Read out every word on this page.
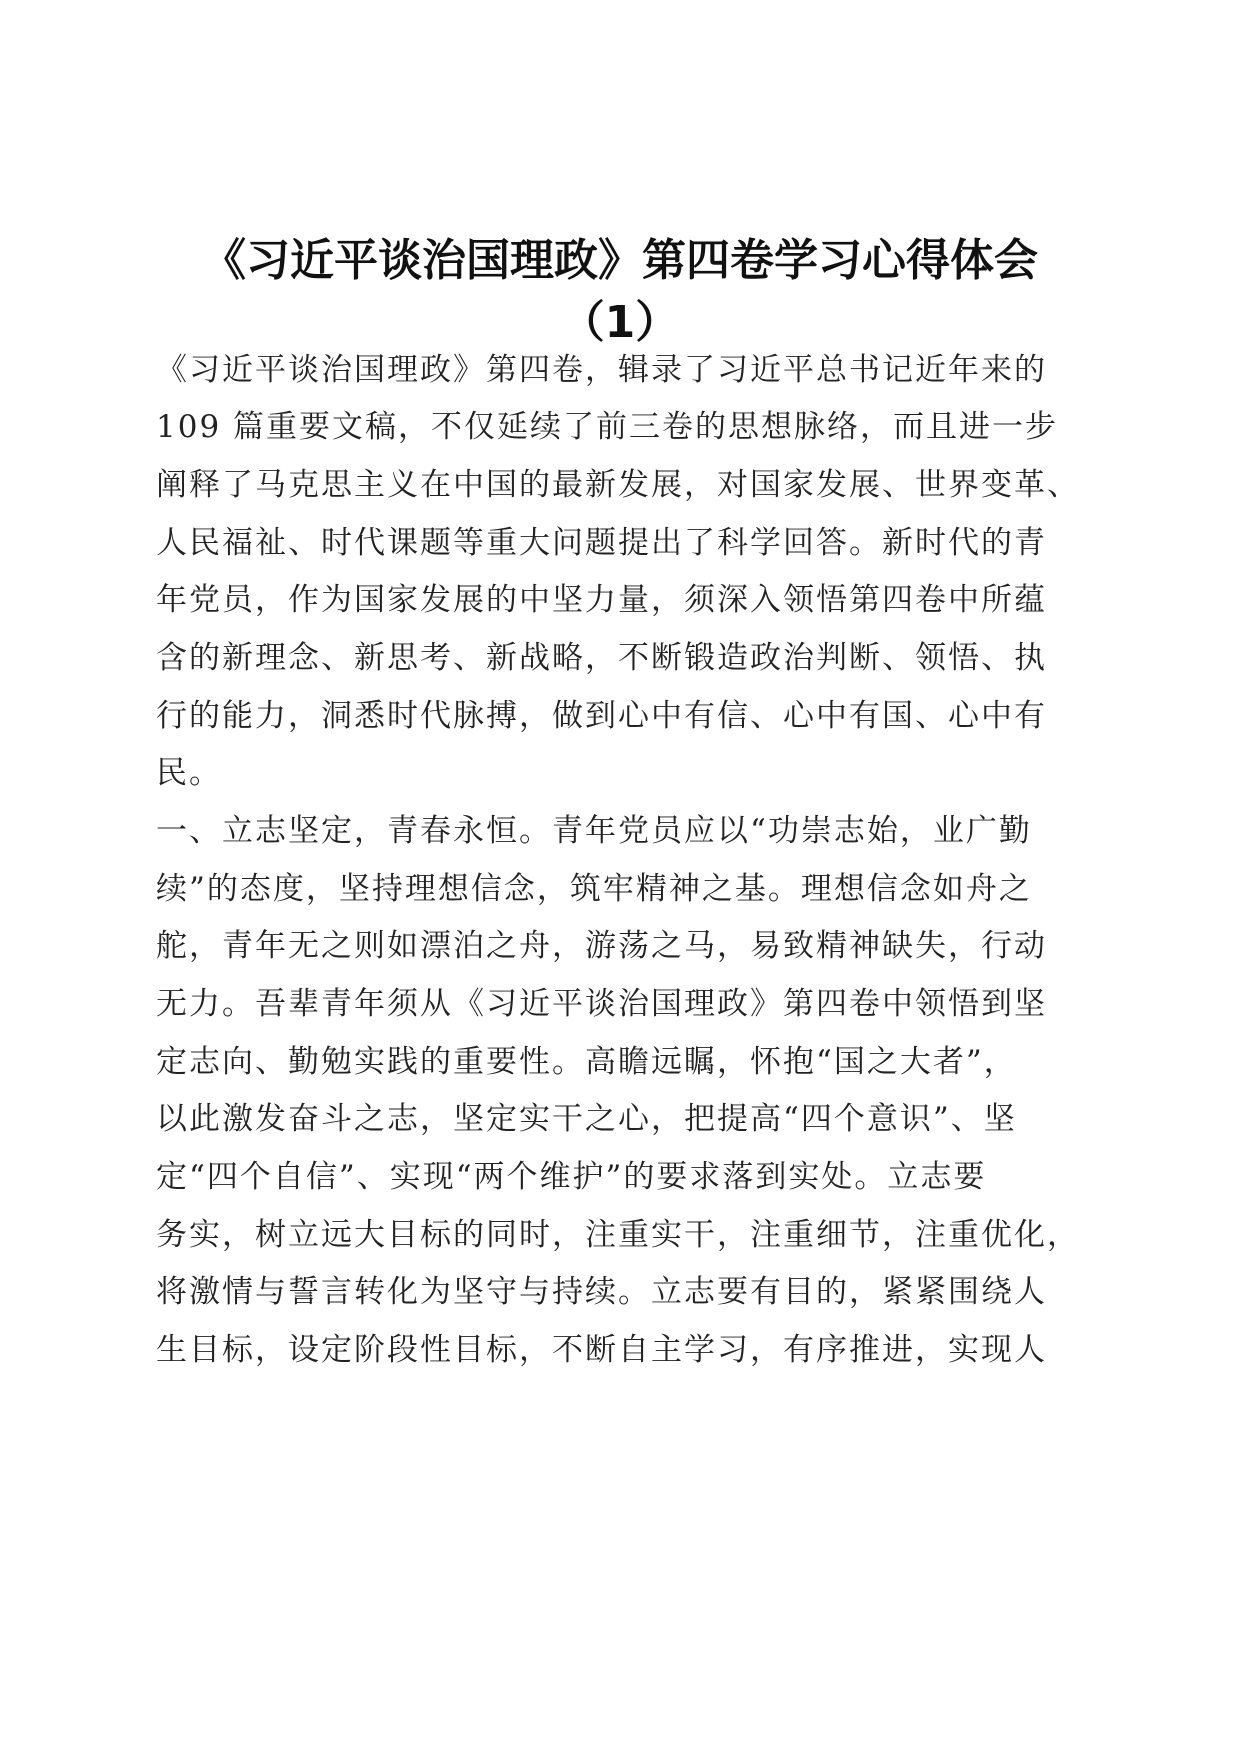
《习近平谈治国理政》第四卷学习心得体会
（1）

《习近平谈治国理政》第四卷，辑录了习近平总书记近年来的

109 篇重要文稿，不仅延续了前三卷的思想脉络，而且进一步

阐释了马克思主义在中国的最新发展，对国家发展、世界变革、

人民福祉、时代课题等重大问题提出了科学回答。新时代的青

年党员，作为国家发展的中坚力量，须深入领悟第四卷中所蕴

含的新理念、新思考、新战略，不断锻造政治判断、领悟、执

行的能力，洞悉时代脉搏，做到心中有信、心中有国、心中有

民。

一、立志坚定，青春永恒。青年党员应以“功崇志始，业广勤

续”的态度，坚持理想信念，筑牢精神之基。理想信念如舟之

舵，青年无之则如漂泊之舟，游荡之马，易致精神缺失，行动

无力。吾辈青年须从《习近平谈治国理政》第四卷中领悟到坚

定志向、勤勉实践的重要性。高瞻远瞩，怀抱“国之大者”，

以此激发奋斗之志，坚定实干之心，把提高“四个意识”、坚

定“四个自信”、实现“两个维护”的要求落到实处。立志要

务实，树立远大目标的同时，注重实干，注重细节，注重优化，

将激情与誓言转化为坚守与持续。立志要有目的，紧紧围绕人

生目标，设定阶段性目标，不断自主学习，有序推进，实现人
